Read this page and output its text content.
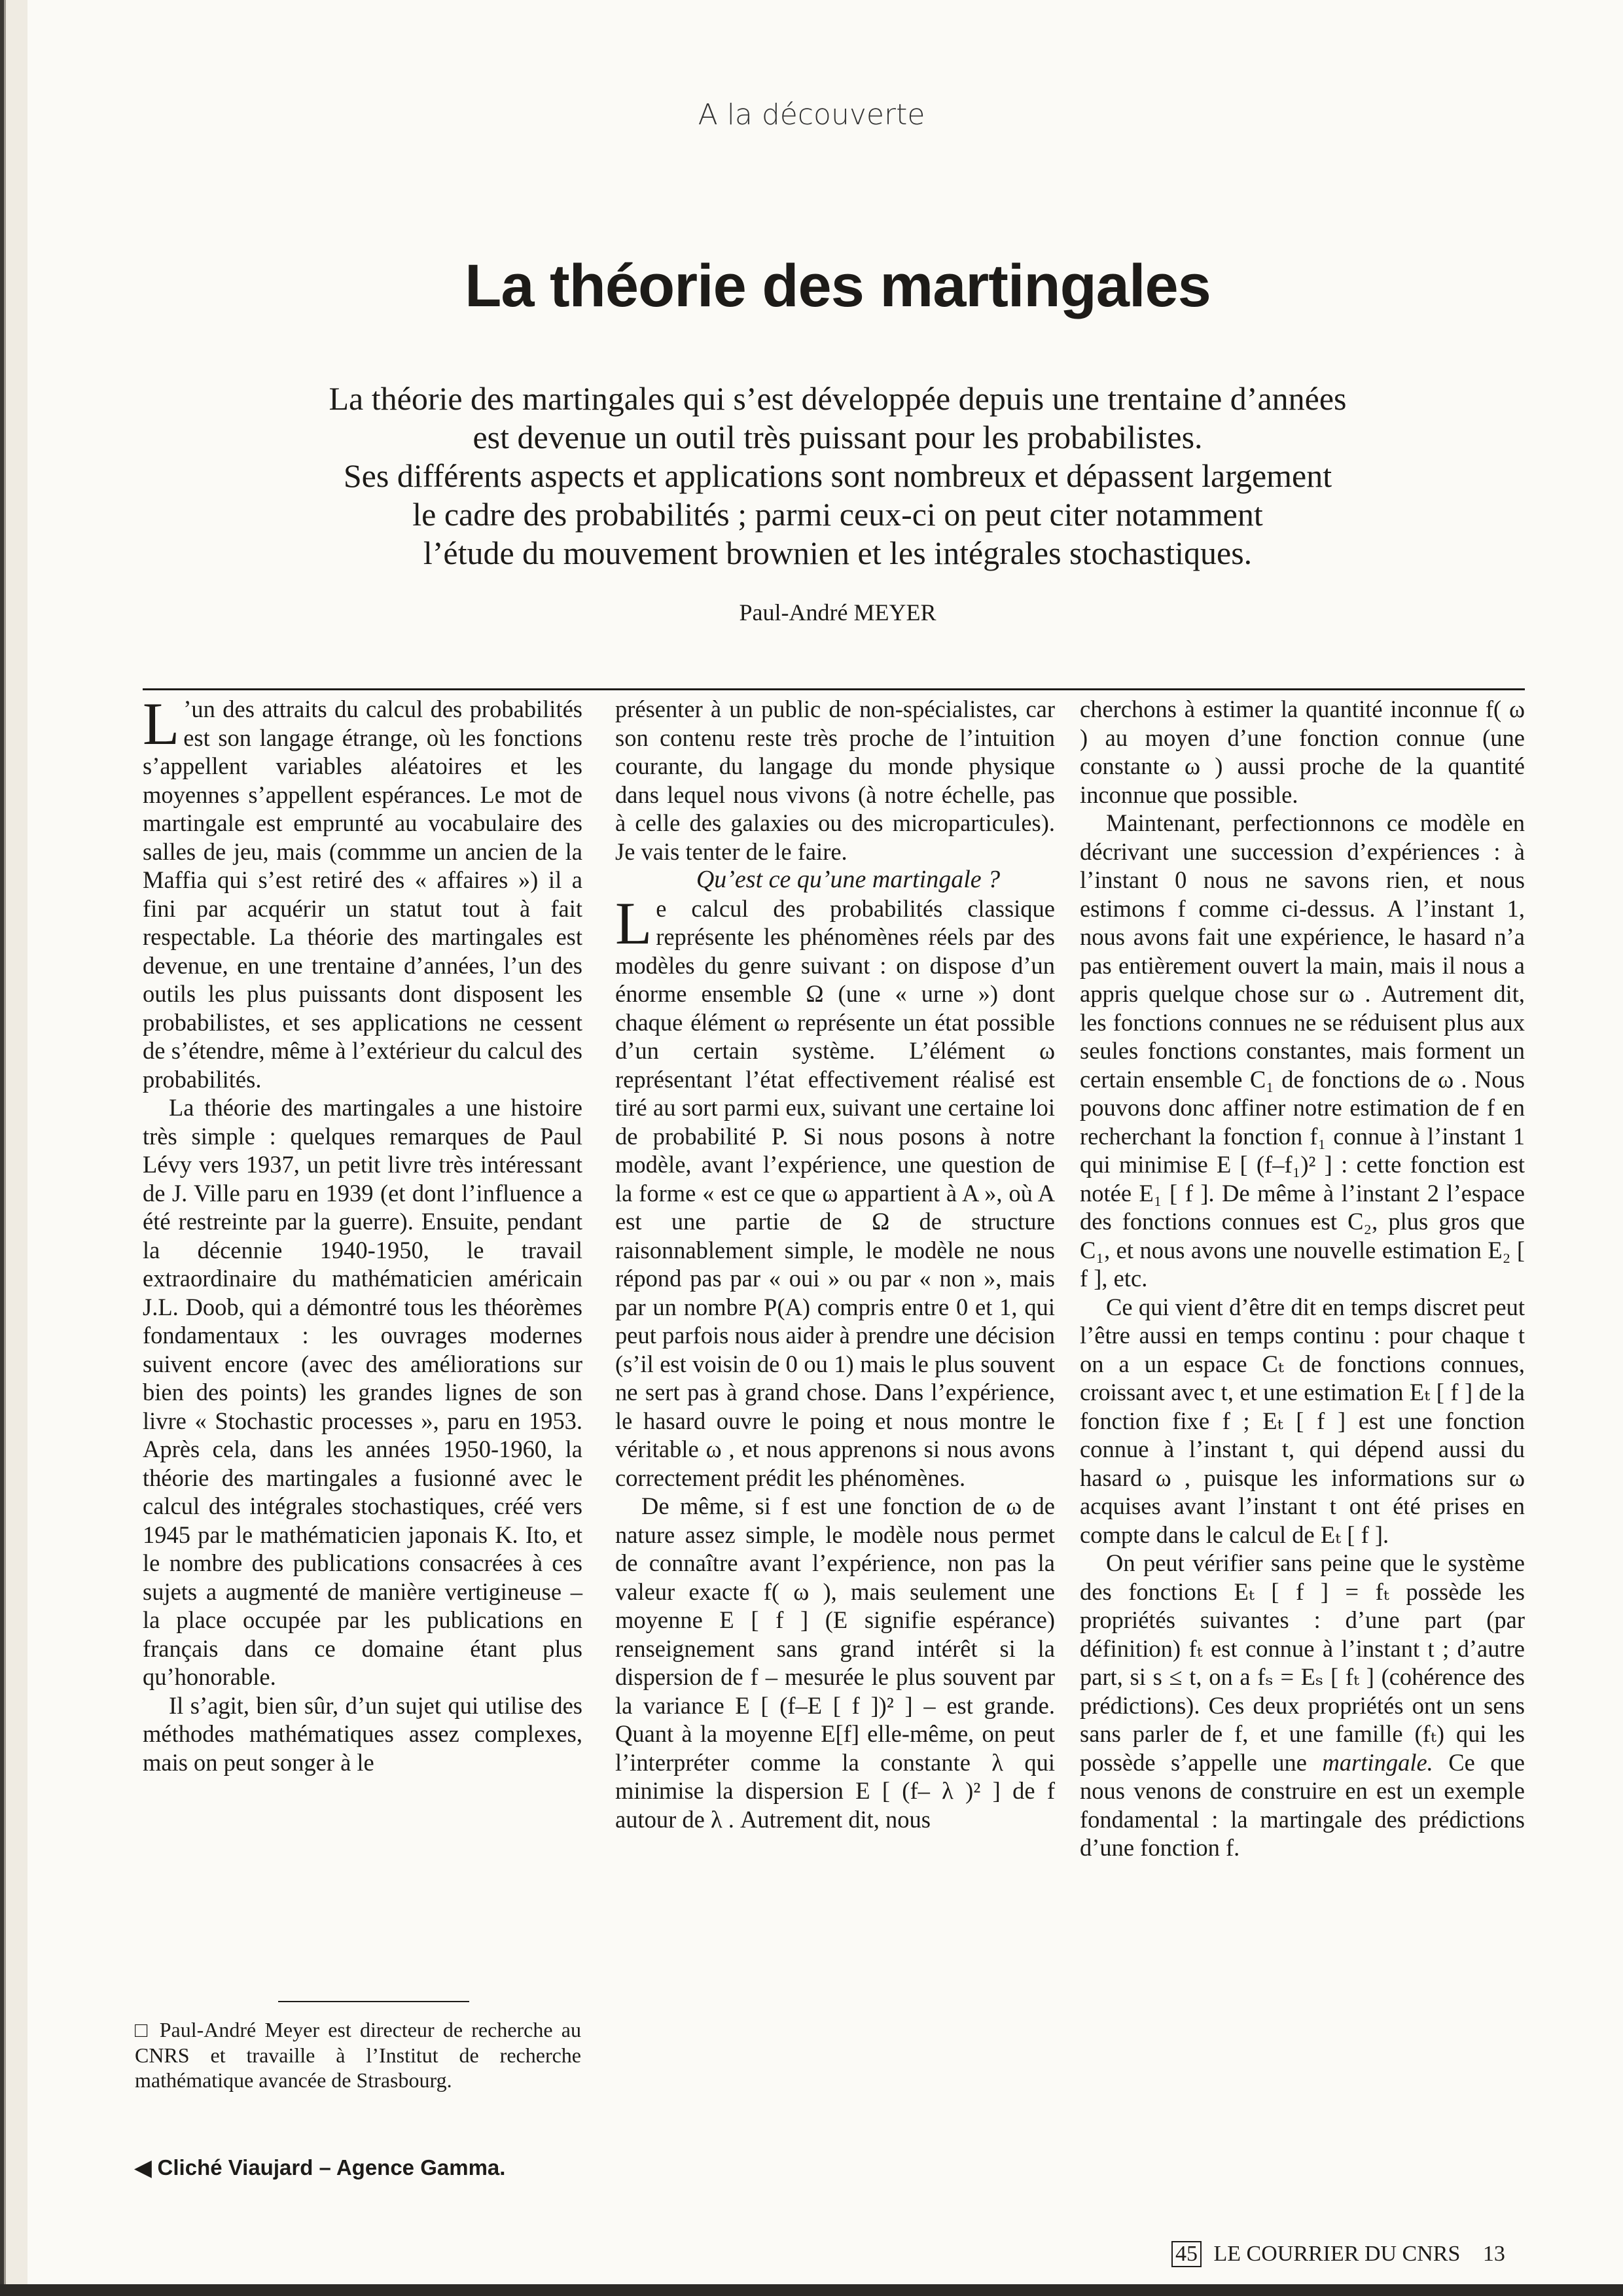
A la découverte
La théorie des martingales
La théorie des martingales qui s’est développée depuis une trentaine d’années
est devenue un outil très puissant pour les probabilistes.
Ses différents aspects et applications sont nombreux et dépassent largement
le cadre des probabilités ; parmi ceux-ci on peut citer notamment
l’étude du mouvement brownien et les intégrales stochastiques.
Paul-André MEYER

L ’un des attraits du calcul des probabilités est son langage étrange, où les fonctions s’appellent variables aléatoires et les moyennes s’appellent espérances. Le mot de martingale est emprunté au vocabulaire des salles de jeu, mais (commme un ancien de la Maffia qui s’est retiré des « affaires ») il a fini par acquérir un statut tout à fait respectable. La théorie des martingales est devenue, en une trentaine d’années, l’un des outils les plus puissants dont disposent les probabilistes, et ses applications ne cessent de s’étendre, même à l’extérieur du calcul des probabilités.

La théorie des martingales a une histoire très simple : quelques remarques de Paul Lévy vers 1937, un petit livre très intéressant de J. Ville paru en 1939 (et dont l’influence a été restreinte par la guerre). Ensuite, pendant la décennie 1940-1950, le travail extraordinaire du mathématicien américain J.L. Doob, qui a démontré tous les théorèmes fondamentaux : les ouvrages modernes suivent encore (avec des améliorations sur bien des points) les grandes lignes de son livre « Stochastic processes », paru en 1953. Après cela, dans les années 1950-1960, la théorie des martingales a fusionné avec le calcul des intégrales stochastiques, créé vers 1945 par le mathématicien japonais K. Ito, et le nombre des publications consacrées à ces sujets a augmenté de manière vertigineuse – la place occupée par les publications en français dans ce domaine étant plus qu’honorable.

Il s’agit, bien sûr, d’un sujet qui utilise des méthodes mathématiques assez complexes, mais on peut songer à le

présenter à un public de non-spécialistes, car son contenu reste très proche de l’intuition courante, du langage du monde physique dans lequel nous vivons (à notre échelle, pas à celle des galaxies ou des microparticules). Je vais tenter de le faire.

Qu’est ce qu’une martingale ?

Le calcul des probabilités classique représente les phénomènes réels par des modèles du genre suivant : on dispose d’un énorme ensemble Ω (une « urne ») dont chaque élément ω représente un état possible d’un certain système. L’élément ω représentant l’état effectivement réalisé est tiré au sort parmi eux, suivant une certaine loi de probabilité P. Si nous posons à notre modèle, avant l’expérience, une question de la forme « est ce que ω appartient à A », où A est une partie de Ω de structure raisonnablement simple, le modèle ne nous répond pas par « oui » ou par « non », mais par un nombre P(A) compris entre 0 et 1, qui peut parfois nous aider à prendre une décision (s’il est voisin de 0 ou 1) mais le plus souvent ne sert pas à grand chose. Dans l’expérience, le hasard ouvre le poing et nous montre le véritable ω , et nous apprenons si nous avons correctement prédit les phénomènes.

De même, si f est une fonction de ω de nature assez simple, le modèle nous permet de connaître avant l’expérience, non pas la valeur exacte f( ω ), mais seulement une moyenne E [ f ] (E signifie espérance) renseignement sans grand intérêt si la dispersion de f – mesurée le plus souvent par la variance E [ (f–E [ f ])² ] – est grande. Quant à la moyenne E[f] elle-même, on peut l’interpréter comme la constante λ qui minimise la dispersion E [ (f– λ )² ] de f autour de λ . Autrement dit, nous

cherchons à estimer la quantité inconnue f( ω ) au moyen d’une fonction connue (une constante ω ) aussi proche de la quantité inconnue que possible.

Maintenant, perfectionnons ce modèle en décrivant une succession d’expériences : à l’instant 0 nous ne savons rien, et nous estimons f comme ci-dessus. A l’instant 1, nous avons fait une expérience, le hasard n’a pas entièrement ouvert la main, mais il nous a appris quelque chose sur ω . Autrement dit, les fonctions connues ne se réduisent plus aux seules fonctions constantes, mais forment un certain ensemble C₁ de fonctions de ω . Nous pouvons donc affiner notre estimation de f en recherchant la fonction f₁ connue à l’instant 1 qui minimise E [ (f–f₁)² ] : cette fonction est notée E₁ [ f ]. De même à l’instant 2 l’espace des fonctions connues est C₂, plus gros que C₁, et nous avons une nouvelle estimation E₂ [ f ], etc.

Ce qui vient d’être dit en temps discret peut l’être aussi en temps continu : pour chaque t on a un espace Cₜ de fonctions connues, croissant avec t, et une estimation Eₜ [ f ] de la fonction fixe f ; Eₜ [ f ] est une fonction connue à l’instant t, qui dépend aussi du hasard ω , puisque les informations sur ω acquises avant l’instant t ont été prises en compte dans le calcul de Eₜ [ f ].

On peut vérifier sans peine que le système des fonctions Eₜ [ f ] = fₜ possède les propriétés suivantes : d’une part (par définition) fₜ est connue à l’instant t ; d’autre part, si s ≤ t, on a fₛ = Eₛ [ fₜ ] (cohérence des prédictions). Ces deux propriétés ont un sens sans parler de f, et une famille (fₜ) qui les possède s’appelle une martingale. Ce que nous venons de construire en est un exemple fondamental : la martingale des prédictions d’une fonction f.

□ Paul-André Meyer est directeur de recherche au CNRS et travaille à l’Institut de recherche mathématique avancée de Strasbourg.
◀ Cliché Viaujard – Agence Gamma.
45 LE COURRIER DU CNRS 13
